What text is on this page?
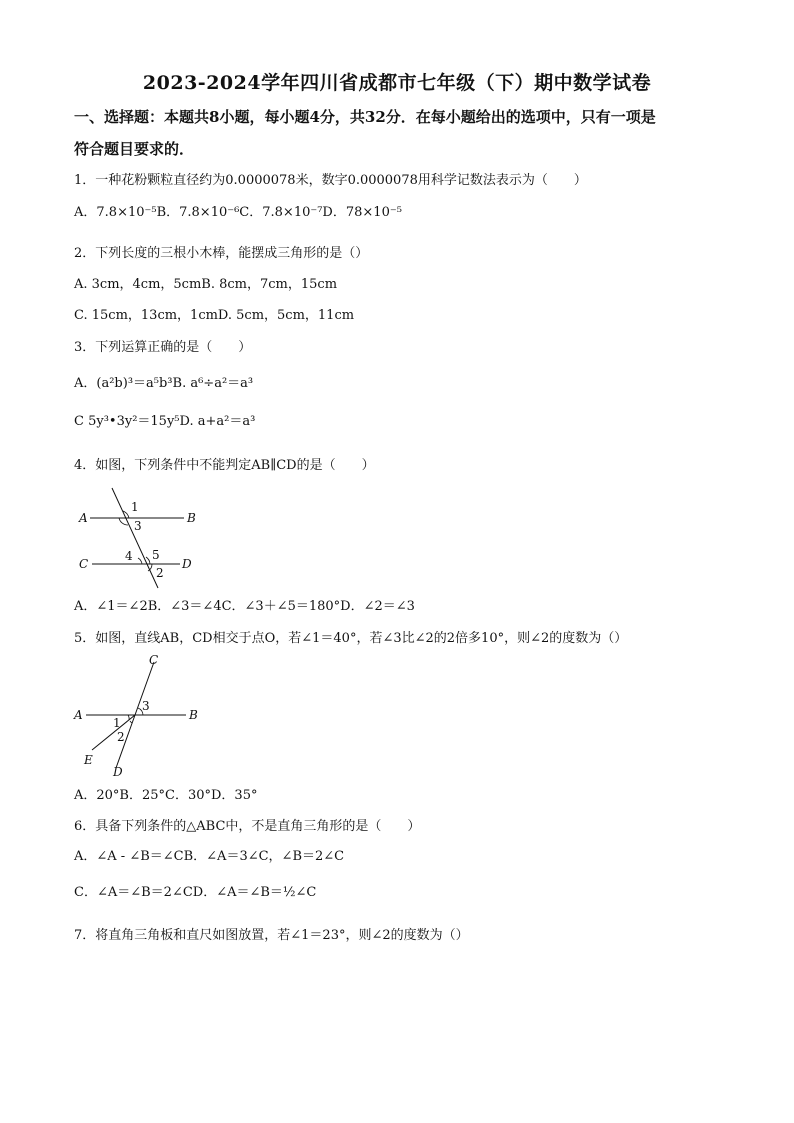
2023-2024学年四川省成都市七年级（下）期中数学试卷
一、选择题：本题共8小题，每小题4分，共32分．在每小题给出的选项中，只有一项是
符合题目要求的．
1．一种花粉颗粒直径约为0.0000078米，数字0.0000078用科学记数法表示为（　　）
A．7.8×10⁻⁵B．7.8×10⁻⁶C．7.8×10⁻⁷D．78×10⁻⁵
2．下列长度的三根小木棒，能摆成三角形的是（）
A. 3cm，4cm，5cmB. 8cm，7cm，15cm
C. 15cm，13cm，1cmD. 5cm，5cm，11cm
3．下列运算正确的是（　　）
A．(a²b)³＝a⁵b³B. a⁶÷a²＝a³
C 5y³•3y²＝15y⁵D. a+a²＝a³
4．如图，下列条件中不能判定AB∥CD的是（　　）
A	B
C	D
1
3
4 5
2
A．∠1＝∠2B．∠3＝∠4C．∠3＋∠5＝180°D．∠2＝∠3
5．如图，直线AB，CD相交于点O，若∠1＝40°，若∠3比∠2的2倍多10°，则∠2的度数为（）
C
A	B
E
D
3
1
2
A．20°B．25°C．30°D．35°
6．具备下列条件的△ABC中，不是直角三角形的是（　　）
A．∠A - ∠B＝∠CB．∠A＝3∠C，∠B＝2∠C
C．∠A＝∠B＝2∠CD．∠A＝∠B＝½∠C
7．将直角三角板和直尺如图放置，若∠1＝23°，则∠2的度数为（）
